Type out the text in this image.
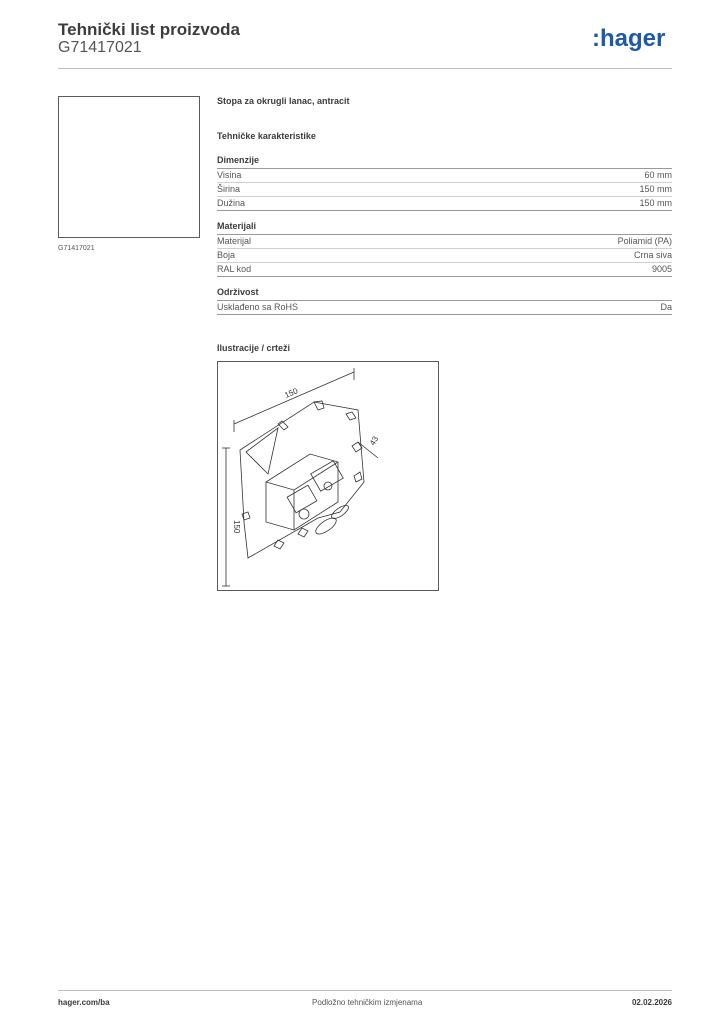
Tehnički list proizvoda
G71417021	:hager
G71417021
Stopa za okrugli lanac, antracit
Tehničke karakteristike
Dimenzije
Visina	60 mm
Širina	150 mm
Dužina	150 mm
Materijali
Materijal	Poliamid (PA)
Boja	Crna siva
RAL kod	9005
Održivost
Usklađeno sa RoHS	Da
Ilustracije / crteži
150
150
43
hager.com/ba	Podložno tehničkim izmjenama	02.02.2026
